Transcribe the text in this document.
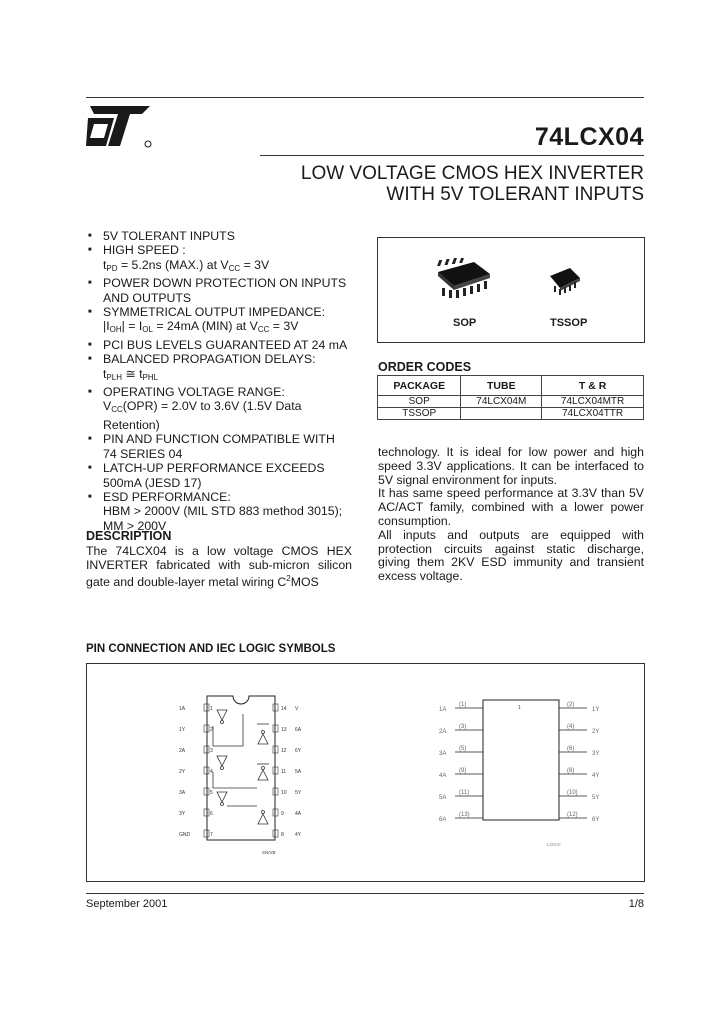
74LCX04
LOW VOLTAGE CMOS HEX INVERTER
WITH 5V TOLERANT INPUTS
■ 5V TOLERANT INPUTS
■ HIGH SPEED :
$t_{PD} = 5.2ns$ (MAX.) at $V_{CC} = 3V$
■ POWER DOWN PROTECTION ON INPUTS
AND OUTPUTS
■ SYMMETRICAL OUTPUT IMPEDANCE:
$|I_{OH}| = I_{OL} = 24mA$ (MIN) at $V_{CC} = 3V$
■ PCI BUS LEVELS GUARANTEED AT 24 mA
■ BALANCED PROPAGATION DELAYS:
$t_{PLH}$ ≅ $t_{PHL}$
■ OPERATING VOLTAGE RANGE:
$V_{CC}(OPR) = 2.0V$ to 3.6V (1.5V Data
Retention)
■ PIN AND FUNCTION COMPATIBLE WITH
74 SERIES 04
■ LATCH-UP PERFORMANCE EXCEEDS
500mA (JESD 17)
■ ESD PERFORMANCE:
HBM > 2000V (MIL STD 883 method 3015);
MM > 200V
DESCRIPTION
The 74LCX04 is a low voltage CMOS HEX INVERTER fabricated with sub-micron silicon gate and double-layer metal wiring $C^2MOS$
technology. It is ideal for low power and high speed 3.3V applications. It can be interfaced to 5V signal environment for inputs.
It has same speed performance at 3.3V than 5V AC/ACT family, combined with a lower power consumption.
All inputs and outputs are equipped with protection circuits against static discharge, giving them 2KV ESD immunity and transient excess voltage.
SOP	TSSOP
ORDER CODES
PACKAGE	TUBE	T & R
SOP	74LCX04M	74LCX04MTR
TSSOP		74LCX04TTR
PIN CONNECTION AND IEC LOGIC SYMBOLS
1A	1
1Y	2
2A	3
2Y	4
3A	5
3Y	6
GND	7
V
14
6A
13
6Y
12
5A
11
5Y
10
4A
9
4Y
8
SN/VB
1
1A
(1)	(2)
1Y
2A
(3)	(4)
2Y
3A
(5)	(6)
3Y
4A
(9)	(8)
4Y
5A
(11)	(10)
5Y
6A
(13)	(12)
6Y
LOGIC
September 2001	1/8
